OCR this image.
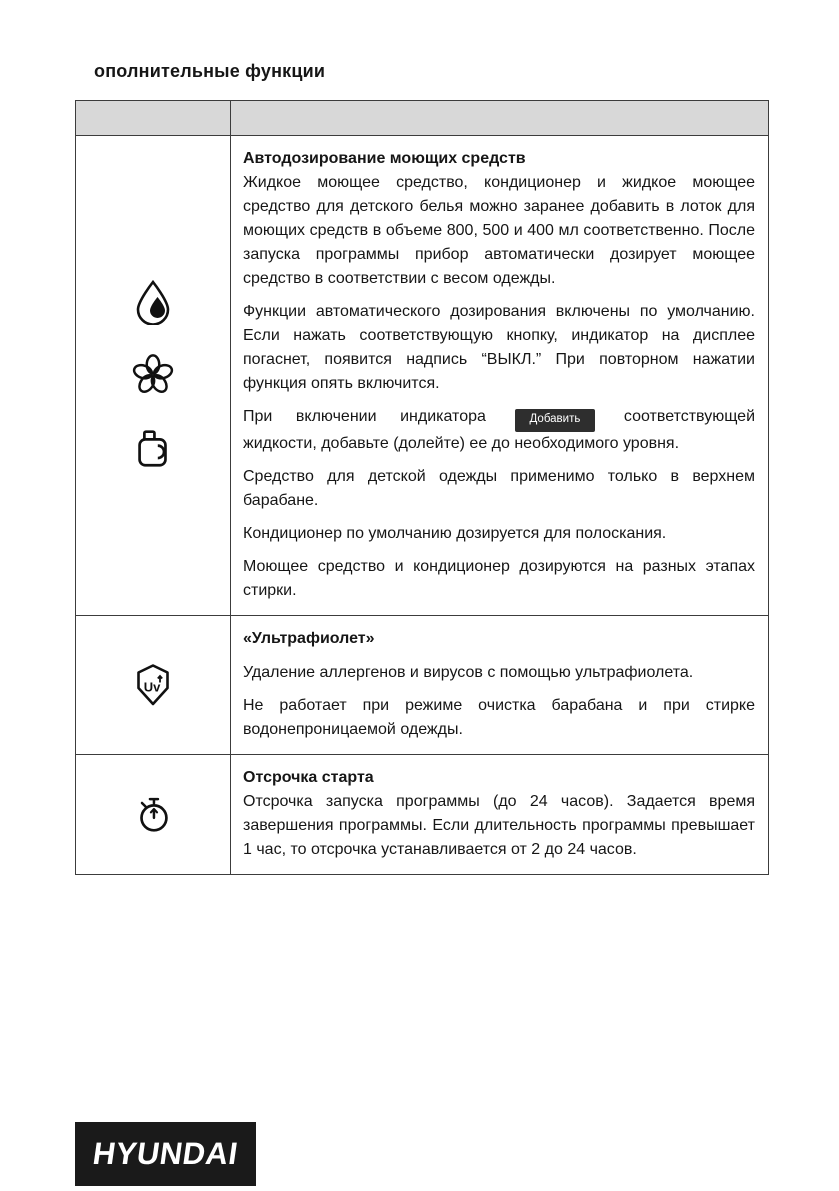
ополнительные функции
Автодозирование моющих средств

Жидкое моющее средство, кондиционер и жидкое моющее средство для детского белья можно заранее добавить в лоток для моющих средств в объеме 800, 500 и 400 мл соответственно. После запуска программы прибор автоматически дозирует моющее средство в соответствии с весом одежды.

Функции автоматического дозирования включены по умолчанию. Если нажать соответствующую кнопку, индикатор на дисплее погаснет, появится надпись “ВЫКЛ.” При повторном нажатии функция опять включится.

При включении индикатора	Добавить	соответствующей жидкости, добавьте (долейте) ее до необходимого уровня.

Средство для детской одежды применимо только в верхнем барабане.

Кондиционер по умолчанию дозируется для полоскания.

Моющее средство и кондиционер дозируются на разных этапах стирки.

Uv
«Ультрафиолет»

Удаление аллергенов и вирусов с помощью ультрафиолета.

Не работает при режиме очистка барабана и при стирке водонепроницаемой одежды.

Отсрочка старта

Отсрочка запуска программы (до 24 часов). Задается время завершения программы. Если длительность программы превышает 1 час, то отсрочка устанавливается от 2 до 24 часов.

HYUNDAI
